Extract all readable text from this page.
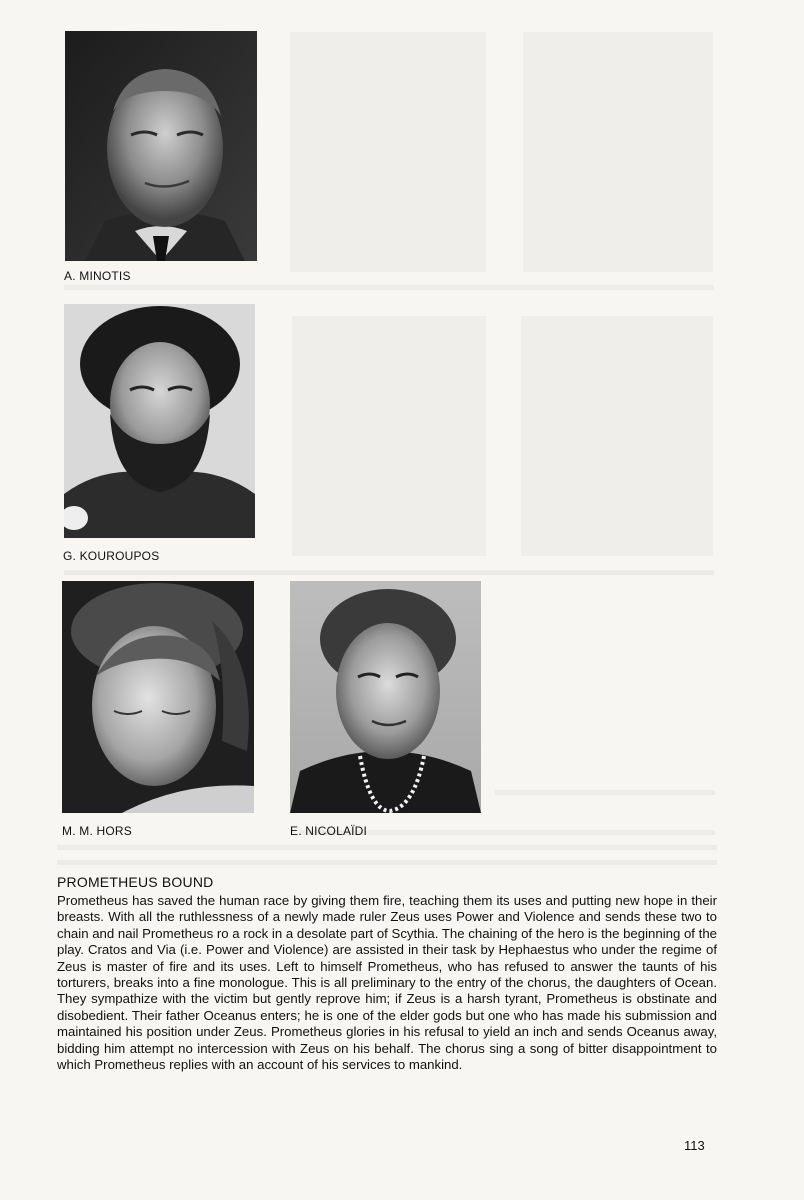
A. MINOTIS
G. KOUROUPOS
M. M. HORS	E. NICOLAÏDI
PROMETHEUS BOUND

Prometheus has saved the human race by giving them fire, teaching them its uses and putting new hope in their breasts. With all the ruthlessness of a newly made ruler Zeus uses Power and Violence and sends these two to chain and nail Prometheus ro a rock in a desolate part of Scythia. The chaining of the hero is the beginning of the play. Cratos and Via (i.e. Power and Violence) are assisted in their task by Hephaestus who under the regime of Zeus is master of fire and its uses. Left to himself Prometheus, who has refused to answer the taunts of his torturers, breaks into a fine monologue. This is all preliminary to the entry of the chorus, the daughters of Ocean. They sympathize with the victim but gently reprove him; if Zeus is a harsh tyrant, Prometheus is obstinate and disobedient. Their father Oceanus enters; he is one of the elder gods but one who has made his submission and maintained his position under Zeus. Prometheus glories in his refusal to yield an inch and sends Oceanus away, bidding him attempt no intercession with Zeus on his behalf. The chorus sing a song of bitter disappointment to which Prometheus replies with an account of his services to mankind.

113
